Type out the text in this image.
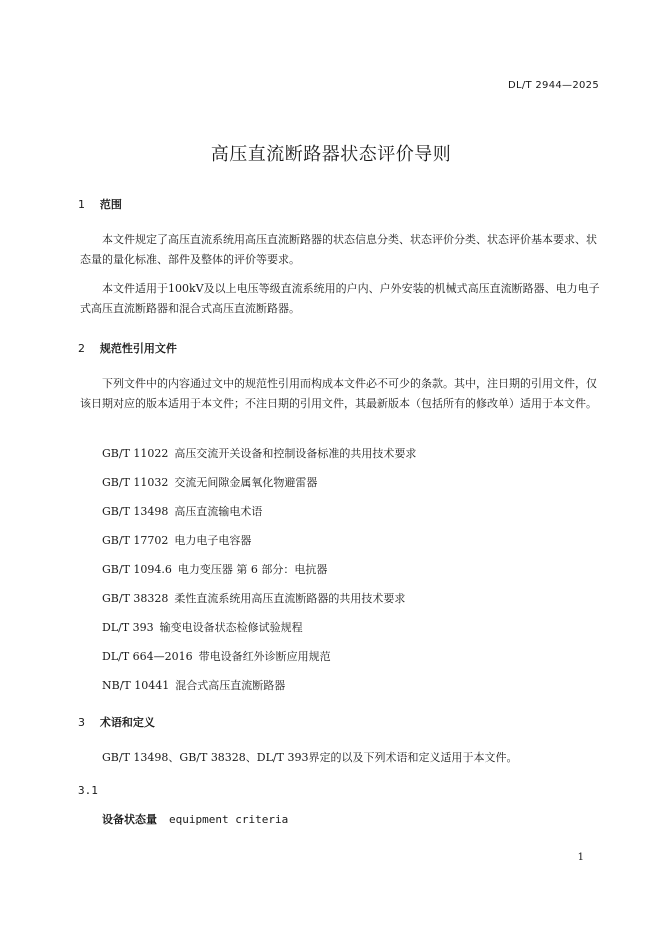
DL/T 2944—2025
高压直流断路器状态评价导则
1 范围
本文件规定了高压直流系统用高压直流断路器的状态信息分类、状态评价分类、状态评价基本要求、状态量的量化标准、部件及整体的评价等要求。
本文件适用于100kV及以上电压等级直流系统用的户内、户外安装的机械式高压直流断路器、电力电子式高压直流断路器和混合式高压直流断路器。
2 规范性引用文件
下列文件中的内容通过文中的规范性引用而构成本文件必不可少的条款。其中，注日期的引用文件，仅该日期对应的版本适用于本文件；不注日期的引用文件，其最新版本（包括所有的修改单）适用于本文件。
GB/T 11022 高压交流开关设备和控制设备标准的共用技术要求
GB/T 11032 交流无间隙金属氧化物避雷器
GB/T 13498 高压直流输电术语
GB/T 17702 电力电子电容器
GB/T 1094.6 电力变压器 第 6 部分：电抗器
GB/T 38328 柔性直流系统用高压直流断路器的共用技术要求
DL/T 393 输变电设备状态检修试验规程
DL/T 664—2016 带电设备红外诊断应用规范
NB/T 10441 混合式高压直流断路器
3 术语和定义
GB/T 13498、GB/T 38328、DL/T 393界定的以及下列术语和定义适用于本文件。
3.1
设备状态量 equipment criteria
1
